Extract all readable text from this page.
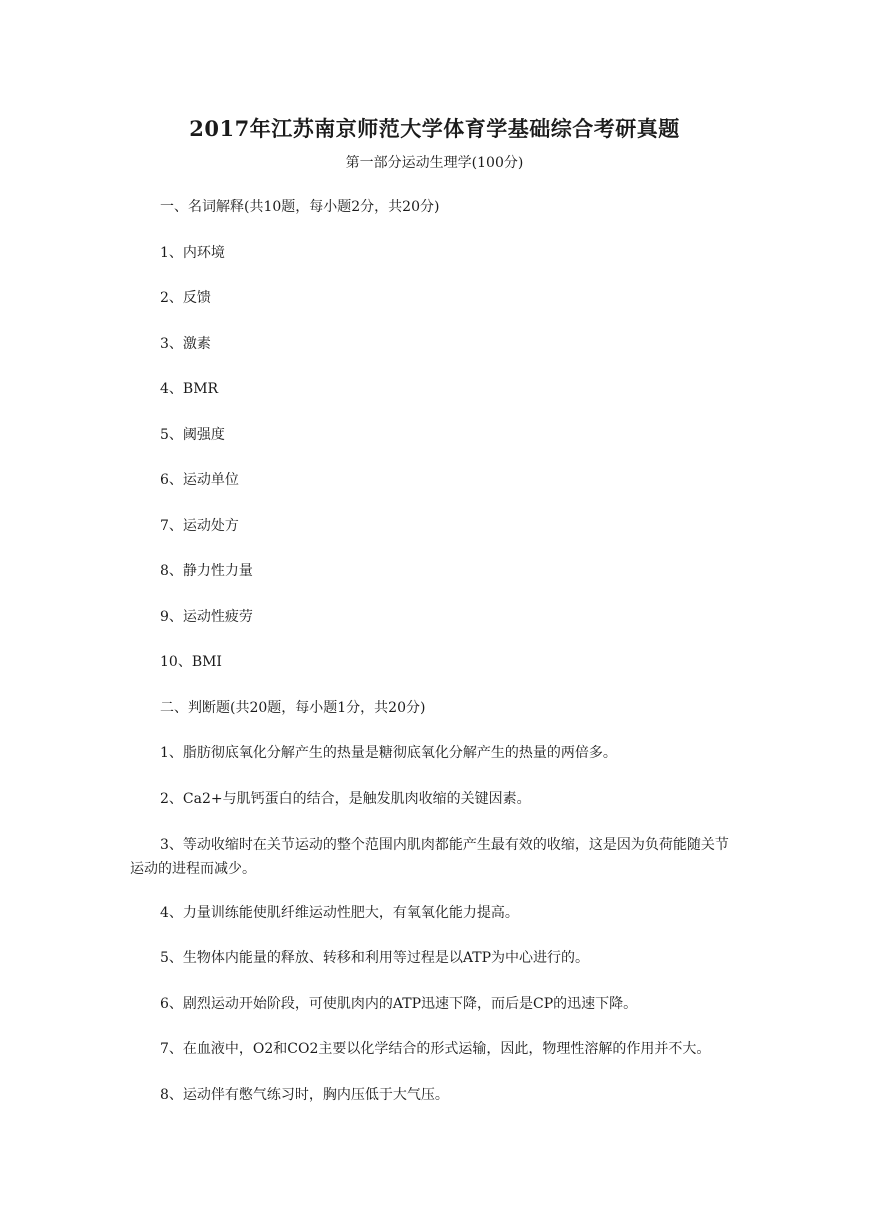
2017年江苏南京师范大学体育学基础综合考研真题
第一部分运动生理学(100分)
一、名词解释(共10题，每小题2分，共20分)
1、内环境
2、反馈
3、激素
4、BMR
5、阈强度
6、运动单位
7、运动处方
8、静力性力量
9、运动性疲劳
10、BMI
二、判断题(共20题，每小题1分，共20分)
1、脂肪彻底氧化分解产生的热量是糖彻底氧化分解产生的热量的两倍多。
2、Ca2+与肌钙蛋白的结合，是触发肌肉收缩的关键因素。
3、等动收缩时在关节运动的整个范围内肌肉都能产生最有效的收缩，这是因为负荷能随关节运动的进程而减少。
4、力量训练能使肌纤维运动性肥大，有氧氧化能力提高。
5、生物体内能量的释放、转移和利用等过程是以ATP为中心进行的。
6、剧烈运动开始阶段，可使肌肉内的ATP迅速下降，而后是CP的迅速下降。
7、在血液中，O2和CO2主要以化学结合的形式运输，因此，物理性溶解的作用并不大。
8、运动伴有憋气练习时，胸内压低于大气压。
